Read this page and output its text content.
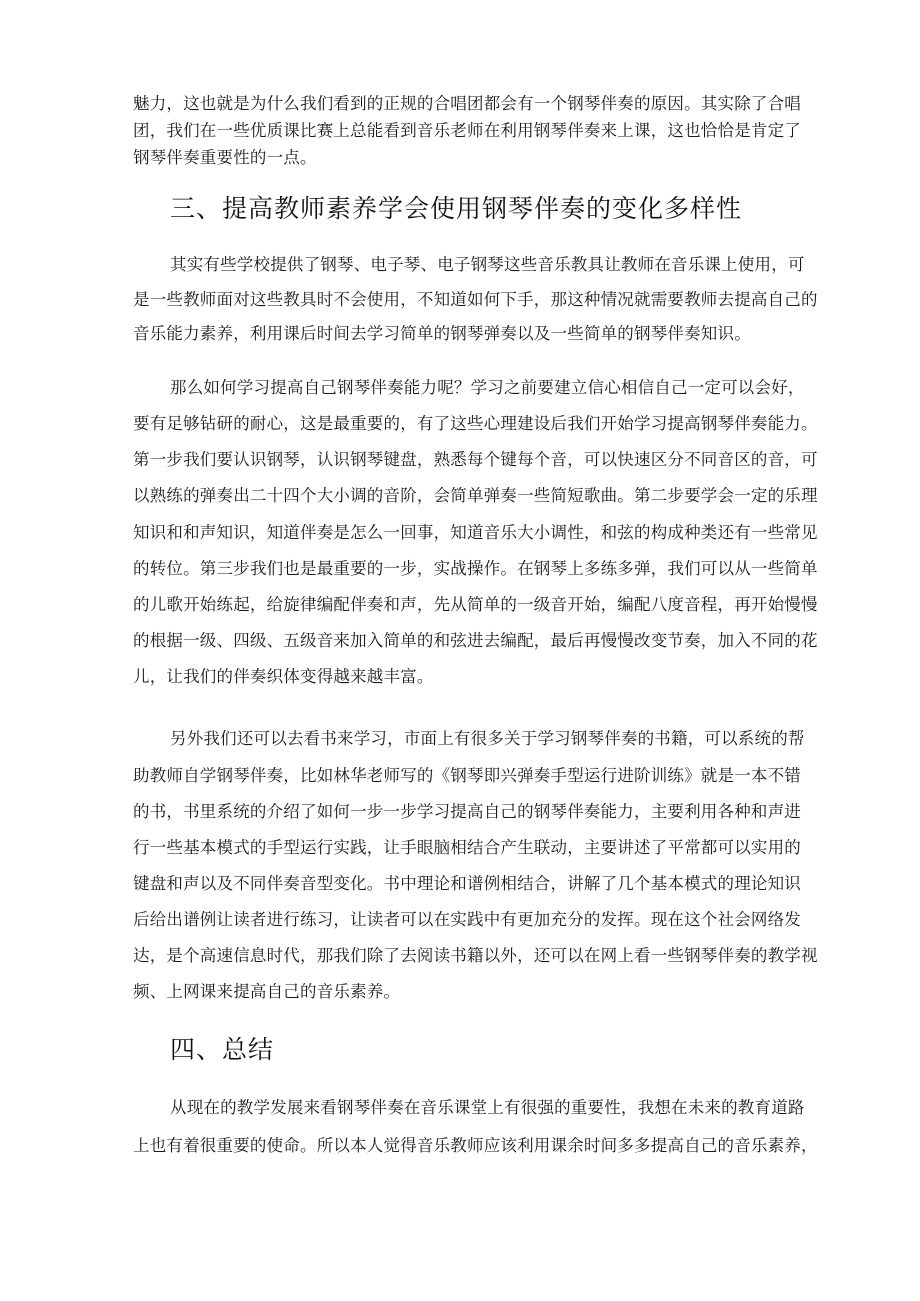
魅力，这也就是为什么我们看到的正规的合唱团都会有一个钢琴伴奏的原因。其实除了合唱
团，我们在一些优质课比赛上总能看到音乐老师在利用钢琴伴奏来上课，这也恰恰是肯定了
钢琴伴奏重要性的一点。
三、提高教师素养学会使用钢琴伴奏的变化多样性
其实有些学校提供了钢琴、电子琴、电子钢琴这些音乐教具让教师在音乐课上使用，可
是一些教师面对这些教具时不会使用，不知道如何下手，那这种情况就需要教师去提高自己的
音乐能力素养，利用课后时间去学习简单的钢琴弹奏以及一些简单的钢琴伴奏知识。
那么如何学习提高自己钢琴伴奏能力呢？学习之前要建立信心相信自己一定可以会好，
要有足够钻研的耐心，这是最重要的，有了这些心理建设后我们开始学习提高钢琴伴奏能力。
第一步我们要认识钢琴，认识钢琴键盘，熟悉每个键每个音，可以快速区分不同音区的音，可
以熟练的弹奏出二十四个大小调的音阶，会简单弹奏一些简短歌曲。第二步要学会一定的乐理
知识和和声知识，知道伴奏是怎么一回事，知道音乐大小调性，和弦的构成种类还有一些常见
的转位。第三步我们也是最重要的一步，实战操作。在钢琴上多练多弹，我们可以从一些简单
的儿歌开始练起，给旋律编配伴奏和声，先从简单的一级音开始，编配八度音程，再开始慢慢
的根据一级、四级、五级音来加入简单的和弦进去编配，最后再慢慢改变节奏，加入不同的花
儿，让我们的伴奏织体变得越来越丰富。
另外我们还可以去看书来学习，市面上有很多关于学习钢琴伴奏的书籍，可以系统的帮
助教师自学钢琴伴奏，比如林华老师写的《钢琴即兴弹奏手型运行进阶训练》就是一本不错
的书，书里系统的介绍了如何一步一步学习提高自己的钢琴伴奏能力，主要利用各种和声进
行一些基本模式的手型运行实践，让手眼脑相结合产生联动，主要讲述了平常都可以实用的
键盘和声以及不同伴奏音型变化。书中理论和谱例相结合，讲解了几个基本模式的理论知识
后给出谱例让读者进行练习，让读者可以在实践中有更加充分的发挥。现在这个社会网络发
达，是个高速信息时代，那我们除了去阅读书籍以外，还可以在网上看一些钢琴伴奏的教学视
频、上网课来提高自己的音乐素养。
四、总结
从现在的教学发展来看钢琴伴奏在音乐课堂上有很强的重要性，我想在未来的教育道路
上也有着很重要的使命。所以本人觉得音乐教师应该利用课余时间多多提高自己的音乐素养，
